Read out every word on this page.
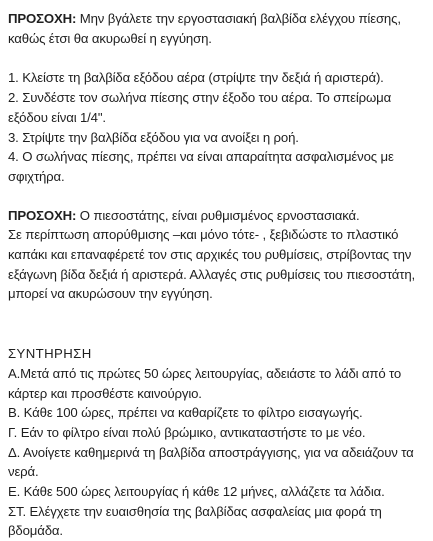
ΠΡΟΣΟΧΗ: Μην βγάλετε την εργοστασιακή βαλβίδα ελέγχου πίεσης, καθώς έτσι θα ακυρωθεί η εγγύηση.

1. Κλείστε τη βαλβίδα εξόδου αέρα (στρίψτε την δεξιά ή αριστερά).

2. Συνδέστε τον σωλήνα πίεσης στην έξοδο του αέρα. Το σπείρωμα εξόδου είναι 1/4".

3. Στρίψτε την βαλβίδα εξόδου για να ανοίξει η ροή.

4. Ο σωλήνας πίεσης, πρέπει να είναι απαραίτητα ασφαλισμένος με σφιχτήρα.

ΠΡΟΣΟΧΗ: Ο πιεσοστάτης, είναι ρυθμισμένος ερνοστασιακά.

Σε περίπτωση απορύθμισης –και μόνο τότε- , ξεβιδώστε το πλαστικό καπάκι και επαναφέρετέ τον στις αρχικές του ρυθμίσεις, στρίβοντας την εξάγωνη βίδα δεξιά ή αριστερά. Αλλαγές στις ρυθμίσεις του πιεσοστάτη, μπορεί να ακυρώσουν την εγγύηση.

ΣΥΝΤΗΡΗΣΗ

Α.Μετά από τις πρώτες 50 ώρες λειτουργίας, αδειάστε το λάδι από το κάρτερ και προσθέστε καινούργιο.

Β. Κάθε 100 ώρες, πρέπει να καθαρίζετε το φίλτρο εισαγωγής.

Γ. Εάν το φίλτρο είναι πολύ βρώμικο, αντικαταστήστε το με νέο.

Δ. Ανοίγετε καθημερινά τη βαλβίδα αποστράγγισης, για να αδειάζουν τα νερά.

Ε. Κάθε 500 ώρες λειτουργίας ή κάθε 12 μήνες, αλλάζετε τα λάδια.

ΣΤ. Ελέγχετε την ευαισθησία της βαλβίδας ασφαλείας μια φορά τη βδομάδα.
